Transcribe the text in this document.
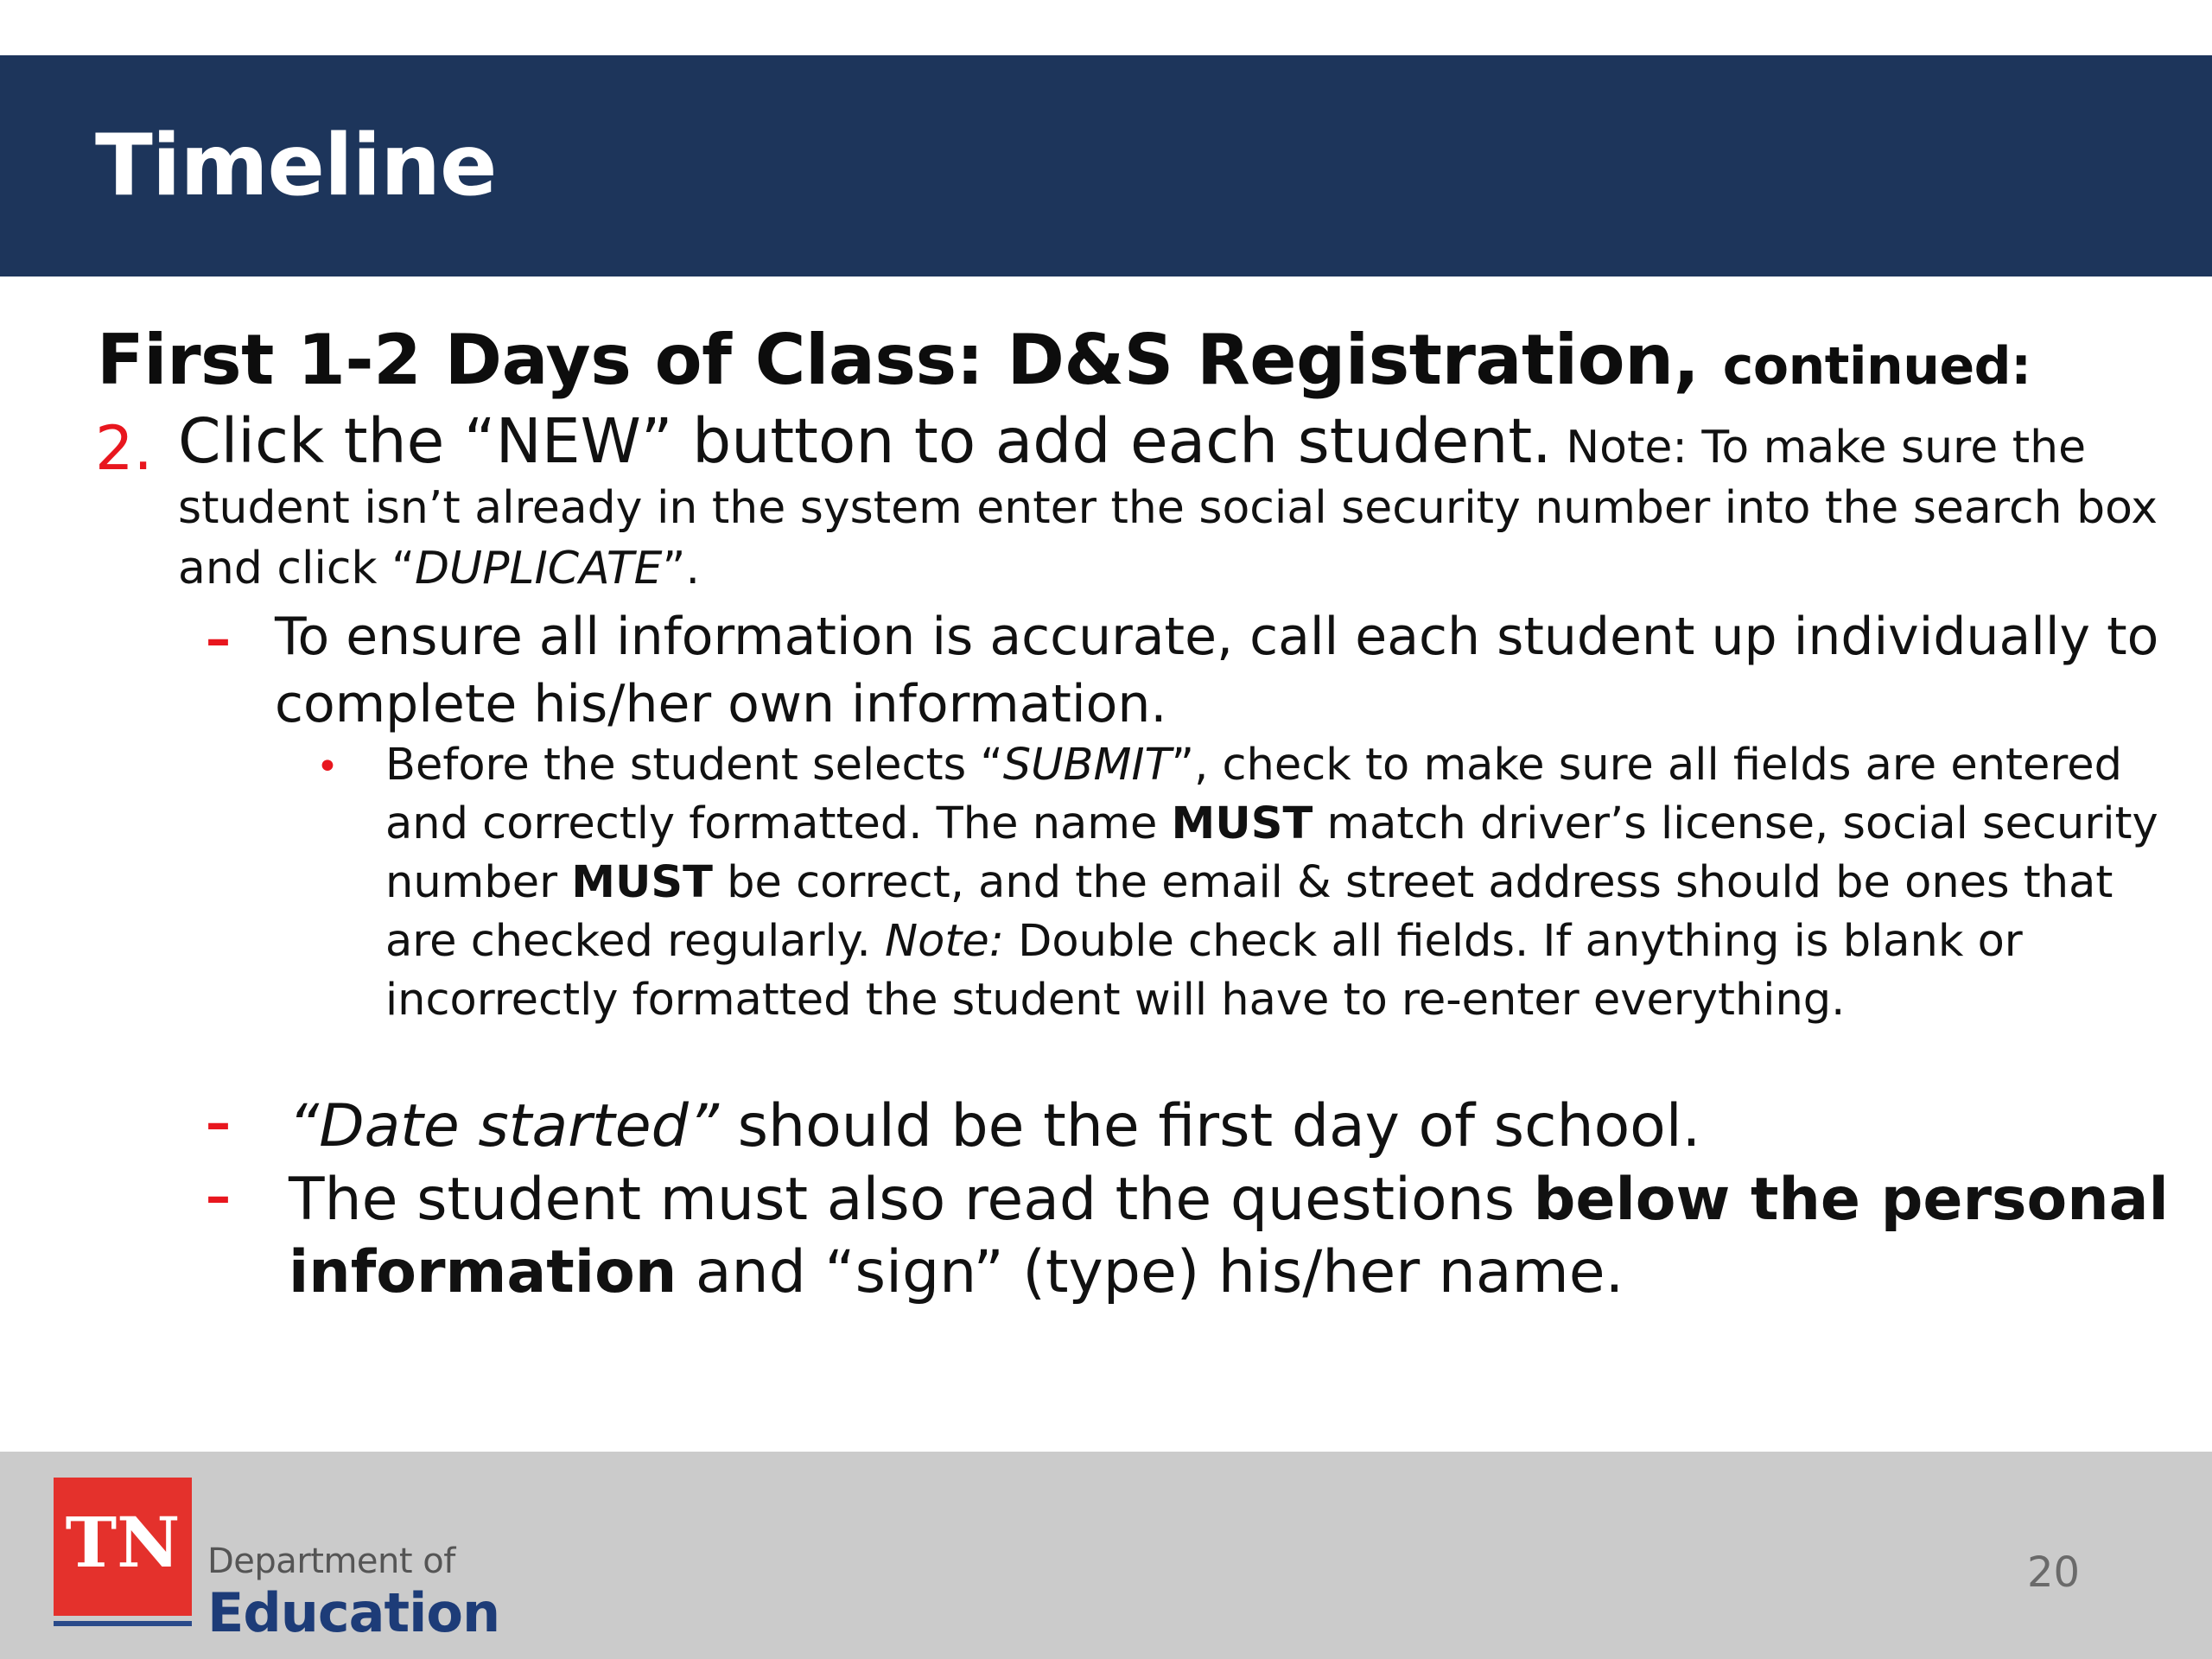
Timeline
First 1-2 Days of Class: D&S Registration, continued:
2. Click the “NEW” button to add each student. Note: To make sure the student isn’t already in the system enter the social security number into the search box and click “DUPLICATE”.
– To ensure all information is accurate, call each student up individually to complete his/her own information.
• Before the student selects “SUBMIT”, check to make sure all fields are entered and correctly formatted. The name MUST match driver’s license, social security number MUST be correct, and the email & street address should be ones that are checked regularly. Note: Double check all fields. If anything is blank or incorrectly formatted the student will have to re-enter everything.
– “Date started” should be the first day of school.
– The student must also read the questions below the personal information and “sign” (type) his/her name.
TN Department of
Education
20
